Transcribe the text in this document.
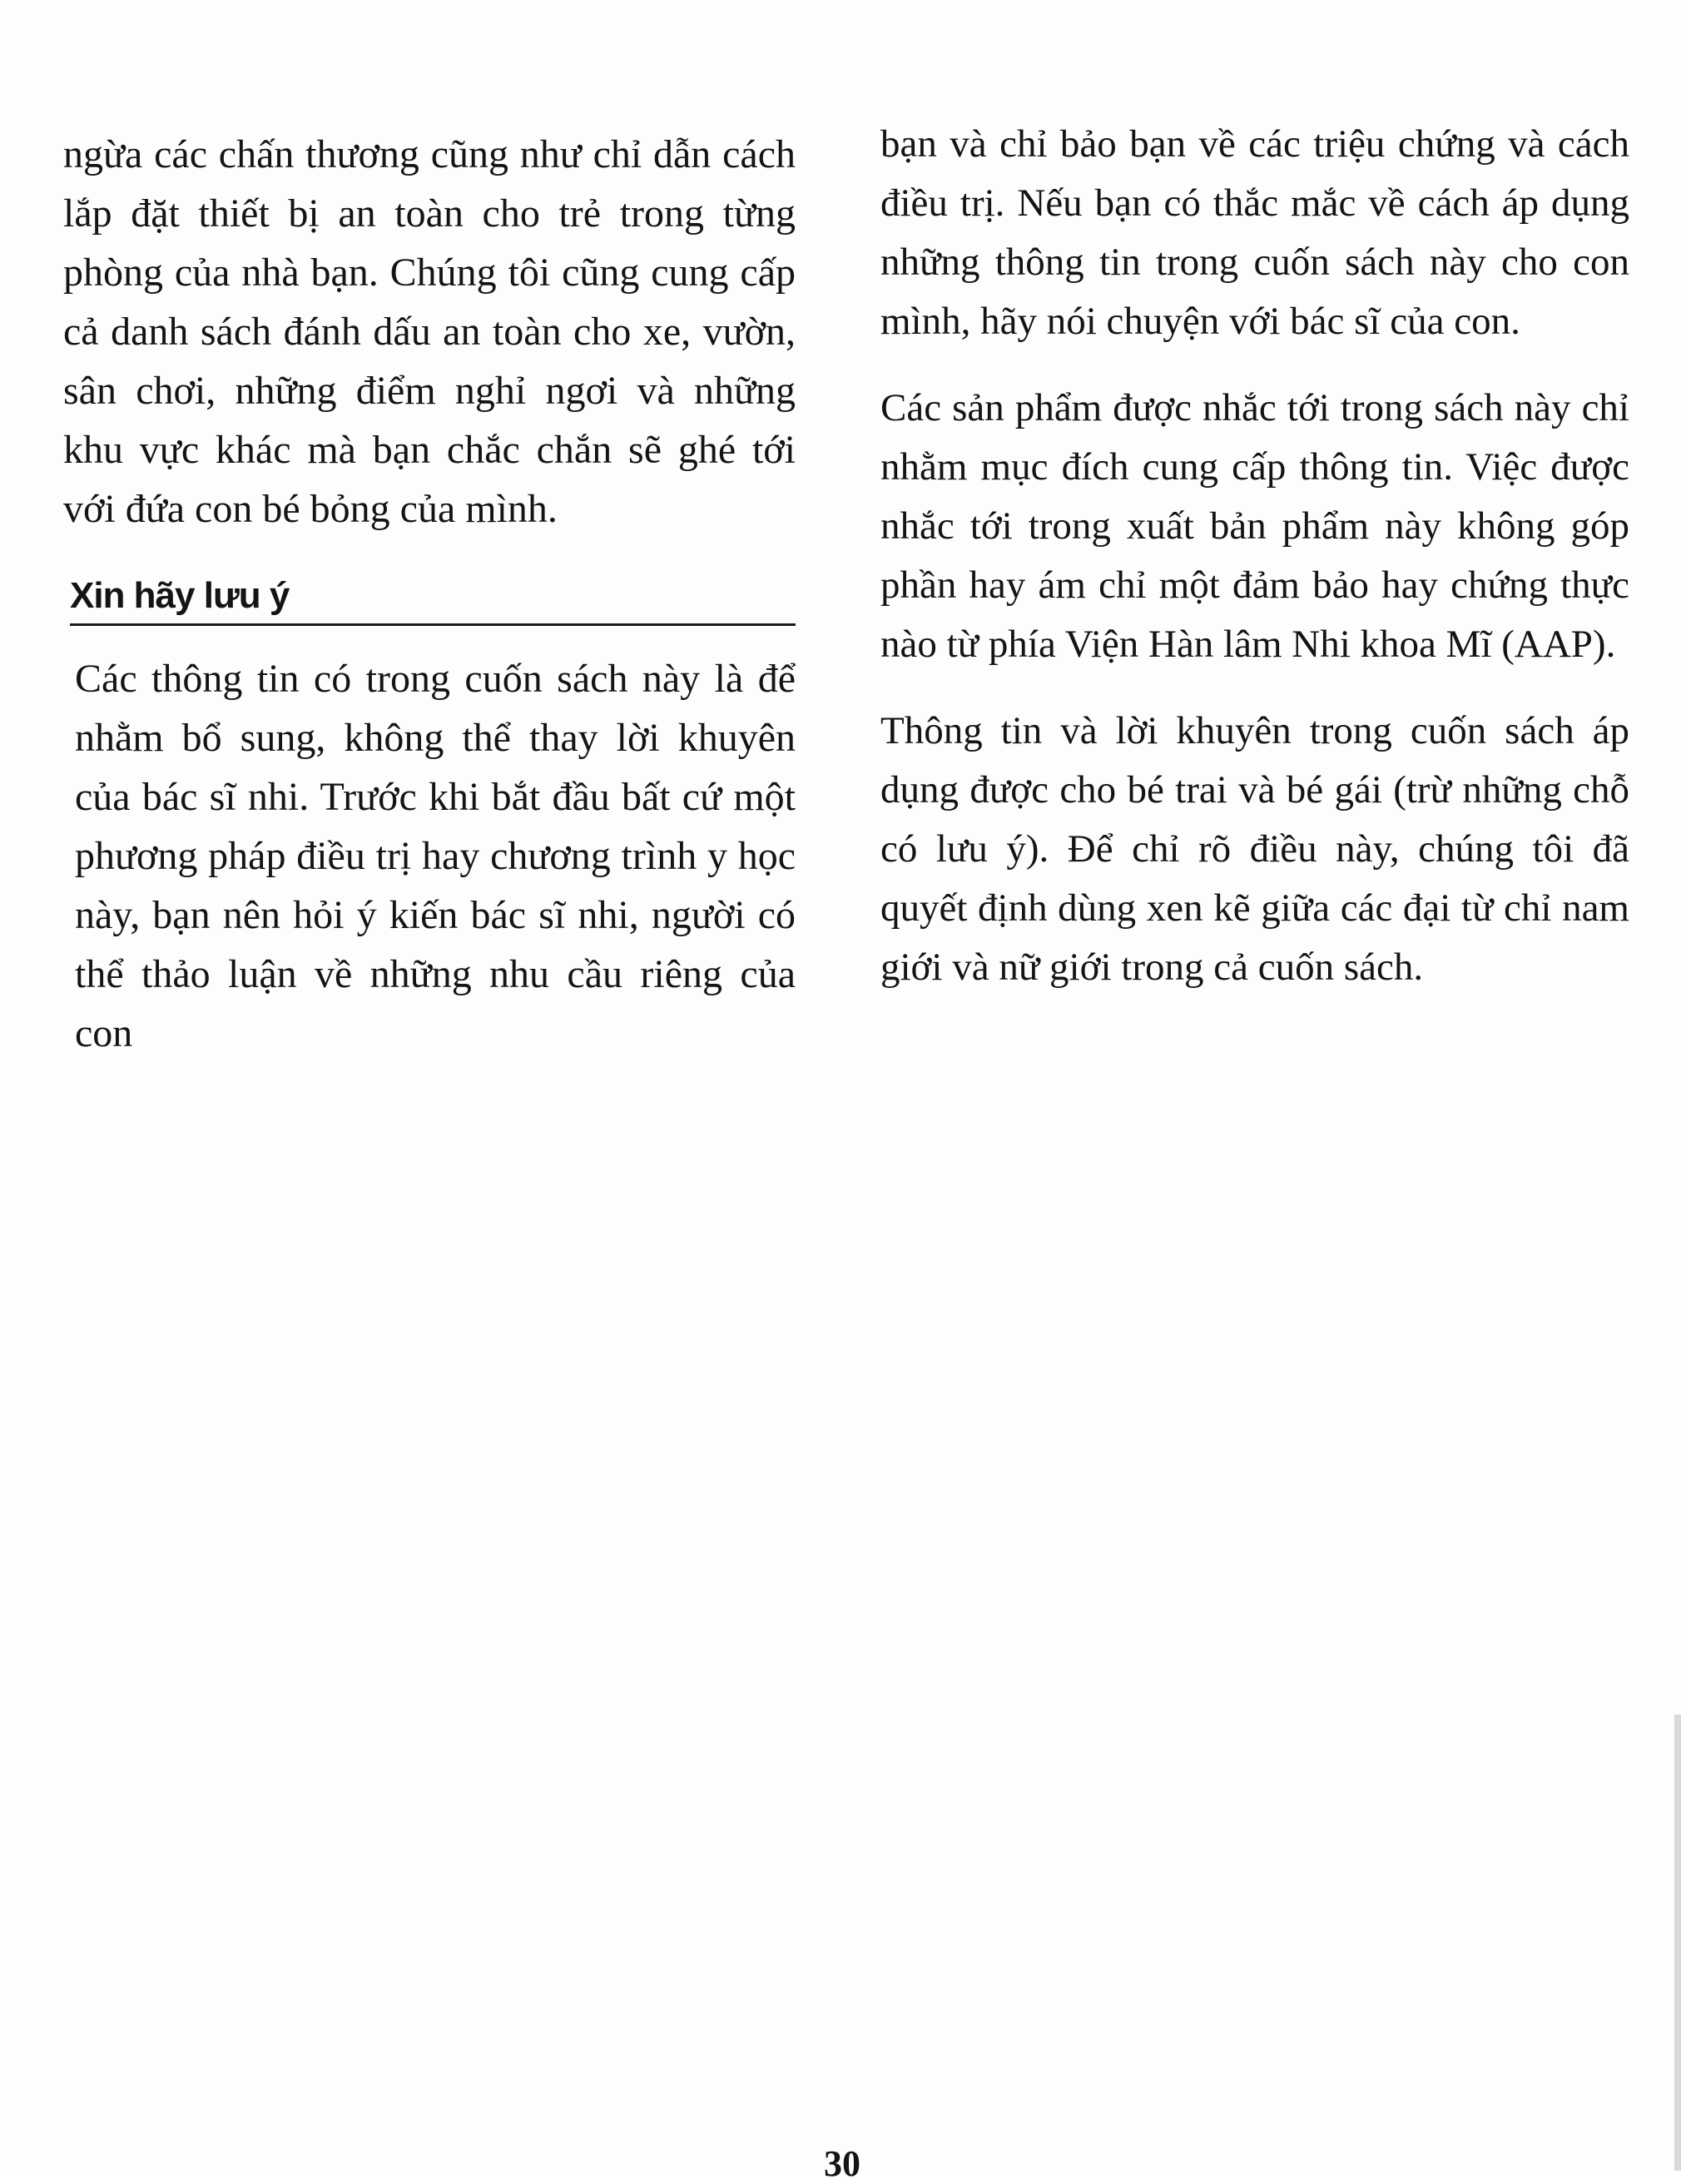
ngừa các chấn thương cũng như chỉ dẫn cách lắp đặt thiết bị an toàn cho trẻ trong từng phòng của nhà bạn. Chúng tôi cũng cung cấp cả danh sách đánh dấu an toàn cho xe, vườn, sân chơi, những điểm nghỉ ngơi và những khu vực khác mà bạn chắc chắn sẽ ghé tới với đứa con bé bỏng của mình.

Xin hãy lưu ý

Các thông tin có trong cuốn sách này là để nhằm bổ sung, không thể thay lời khuyên của bác sĩ nhi. Trước khi bắt đầu bất cứ một phương pháp điều trị hay chương trình y học này, bạn nên hỏi ý kiến bác sĩ nhi, người có thể thảo luận về những nhu cầu riêng của con

bạn và chỉ bảo bạn về các triệu chứng và cách điều trị. Nếu bạn có thắc mắc về cách áp dụng những thông tin trong cuốn sách này cho con mình, hãy nói chuyện với bác sĩ của con.

Các sản phẩm được nhắc tới trong sách này chỉ nhằm mục đích cung cấp thông tin. Việc được nhắc tới trong xuất bản phẩm này không góp phần hay ám chỉ một đảm bảo hay chứng thực nào từ phía Viện Hàn lâm Nhi khoa Mĩ (AAP).

Thông tin và lời khuyên trong cuốn sách áp dụng được cho bé trai và bé gái (trừ những chỗ có lưu ý). Để chỉ rõ điều này, chúng tôi đã quyết định dùng xen kẽ giữa các đại từ chỉ nam giới và nữ giới trong cả cuốn sách.

30
